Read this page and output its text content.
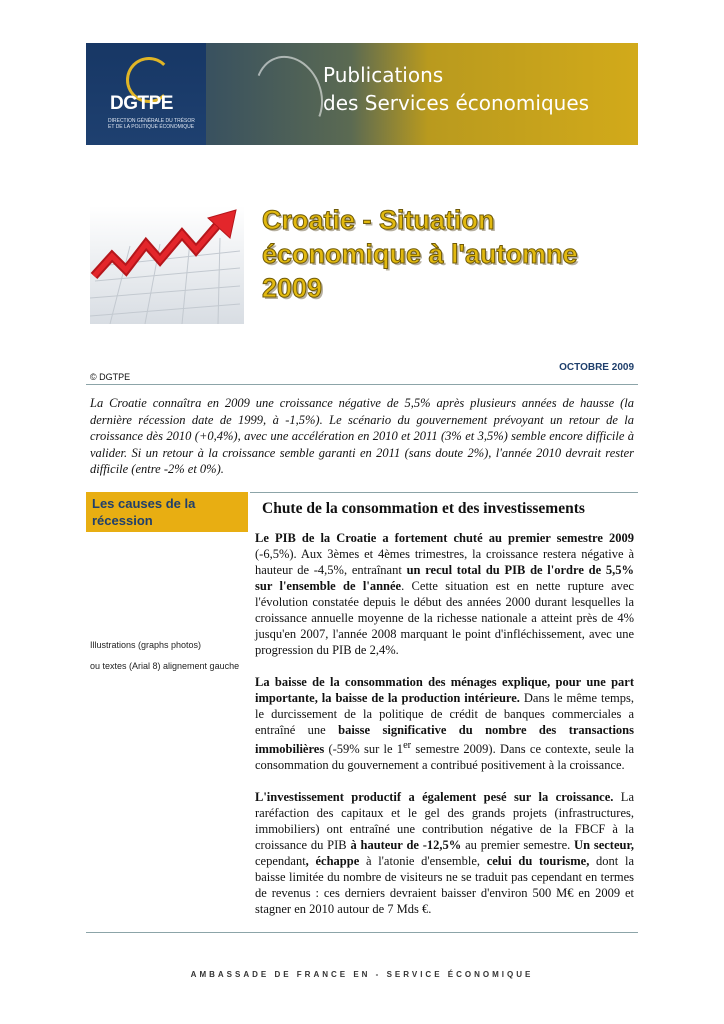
DGTPE
DIRECTION GÉNÉRALE DU TRÉSOR ET DE LA POLITIQUE ÉCONOMIQUE
Publications
des Services économiques
Croatie - Situation
économique à l'automne
2009
OCTOBRE 2009
© DGTPE
La Croatie connaîtra en 2009 une croissance négative de 5,5% après plusieurs années de hausse (la dernière récession date de 1999, à -1,5%). Le scénario du gouvernement prévoyant un retour de la croissance dès 2010 (+0,4%), avec une accélération en 2010 et 2011 (3% et 3,5%) semble encore difficile à valider. Si un retour à la croissance semble garanti en 2011 (sans doute 2%), l'année 2010 devrait rester difficile (entre -2% et 0%).
Les causes de la récession
Illustrations (graphs photos)
ou textes (Arial 8) alignement gauche
Chute de la consommation et des investissements

Le PIB de la Croatie a fortement chuté au premier semestre 2009 (-6,5%). Aux 3èmes et 4èmes trimestres, la croissance restera négative à hauteur de -4,5%, entraînant un recul total du PIB de l'ordre de 5,5% sur l'ensemble de l'année. Cette situation est en nette rupture avec l'évolution constatée depuis le début des années 2000 durant lesquelles la croissance annuelle moyenne de la richesse nationale a atteint près de 4% jusqu'en 2007, l'année 2008 marquant le point d'infléchissement, avec une progression du PIB de 2,4%.

La baisse de la consommation des ménages explique, pour une part importante, la baisse de la production intérieure. Dans le même temps, le durcissement de la politique de crédit de banques commerciales a entraîné une baisse significative du nombre des transactions immobilières (-59% sur le 1er semestre 2009). Dans ce contexte, seule la consommation du gouvernement a contribué positivement à la croissance.

L'investissement productif a également pesé sur la croissance. La raréfaction des capitaux et le gel des grands projets (infrastructures, immobiliers) ont entraîné une contribution négative de la FBCF à la croissance du PIB à hauteur de -12,5% au premier semestre. Un secteur, cependant, échappe à l'atonie d'ensemble, celui du tourisme, dont la baisse limitée du nombre de visiteurs ne se traduit pas cependant en termes de revenus : ces derniers devraient baisser d'environ 500 M€ en 2009 et stagner en 2010 autour de 7 Mds €.

AMBASSADE DE FRANCE EN - SERVICE ÉCONOMIQUE
